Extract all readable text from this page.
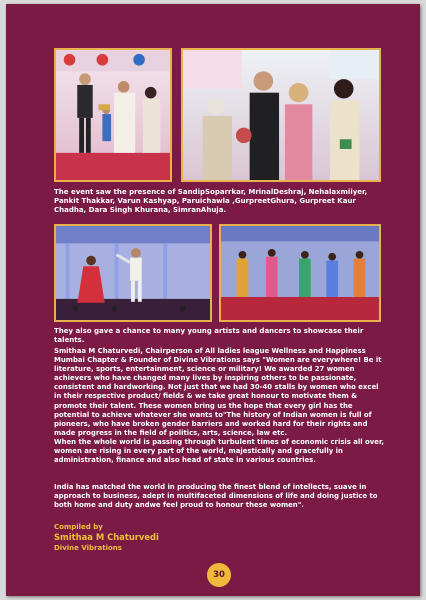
The event saw the presence of SandipSoparrkar, MrinalDeshraj, Nehalaxmiiyer, Pankit Thakkar, Varun Kashyap, Paruichawla ,GurpreetGhura, Gurpreet Kaur Chadha, Dara Singh Khurana, SimranAhuja.
They also gave a chance to many young artists and dancers to showcase their talents.
Smithaa M Chaturvedi, Chairperson of All ladies league Wellness and Happiness Mumbai Chapter & Founder of Divine Vibrations says "Women are everywhere! Be it literature, sports, entertainment, science or military! We awarded 27 women achievers who have changed many lives by inspiring others to be passionate, consistent and hardworking. Not just that we had 30-40 stalls by women who excel in their respective product/ fields & we take great honour to motivate them & promote their talent. These women bring us the hope that every girl has the potential to achieve whatever she wants to"The history of Indian women is full of pioneers, who have broken gender barriers and worked hard for their rights and made progress in the field of politics, arts, science, law etc.
When the whole world is passing through turbulent times of economic crisis all over, women are rising in every part of the world, majestically and gracefully in administration, finance and also head of state in various countries.
India has matched the world in producing the finest blend of intellects, suave in approach to business, adept in multifaceted dimensions of life and doing justice to both home and duty andwe feel proud to honour these women".
Compiled by
Smithaa M Chaturvedi
Divine Vibrations
30
